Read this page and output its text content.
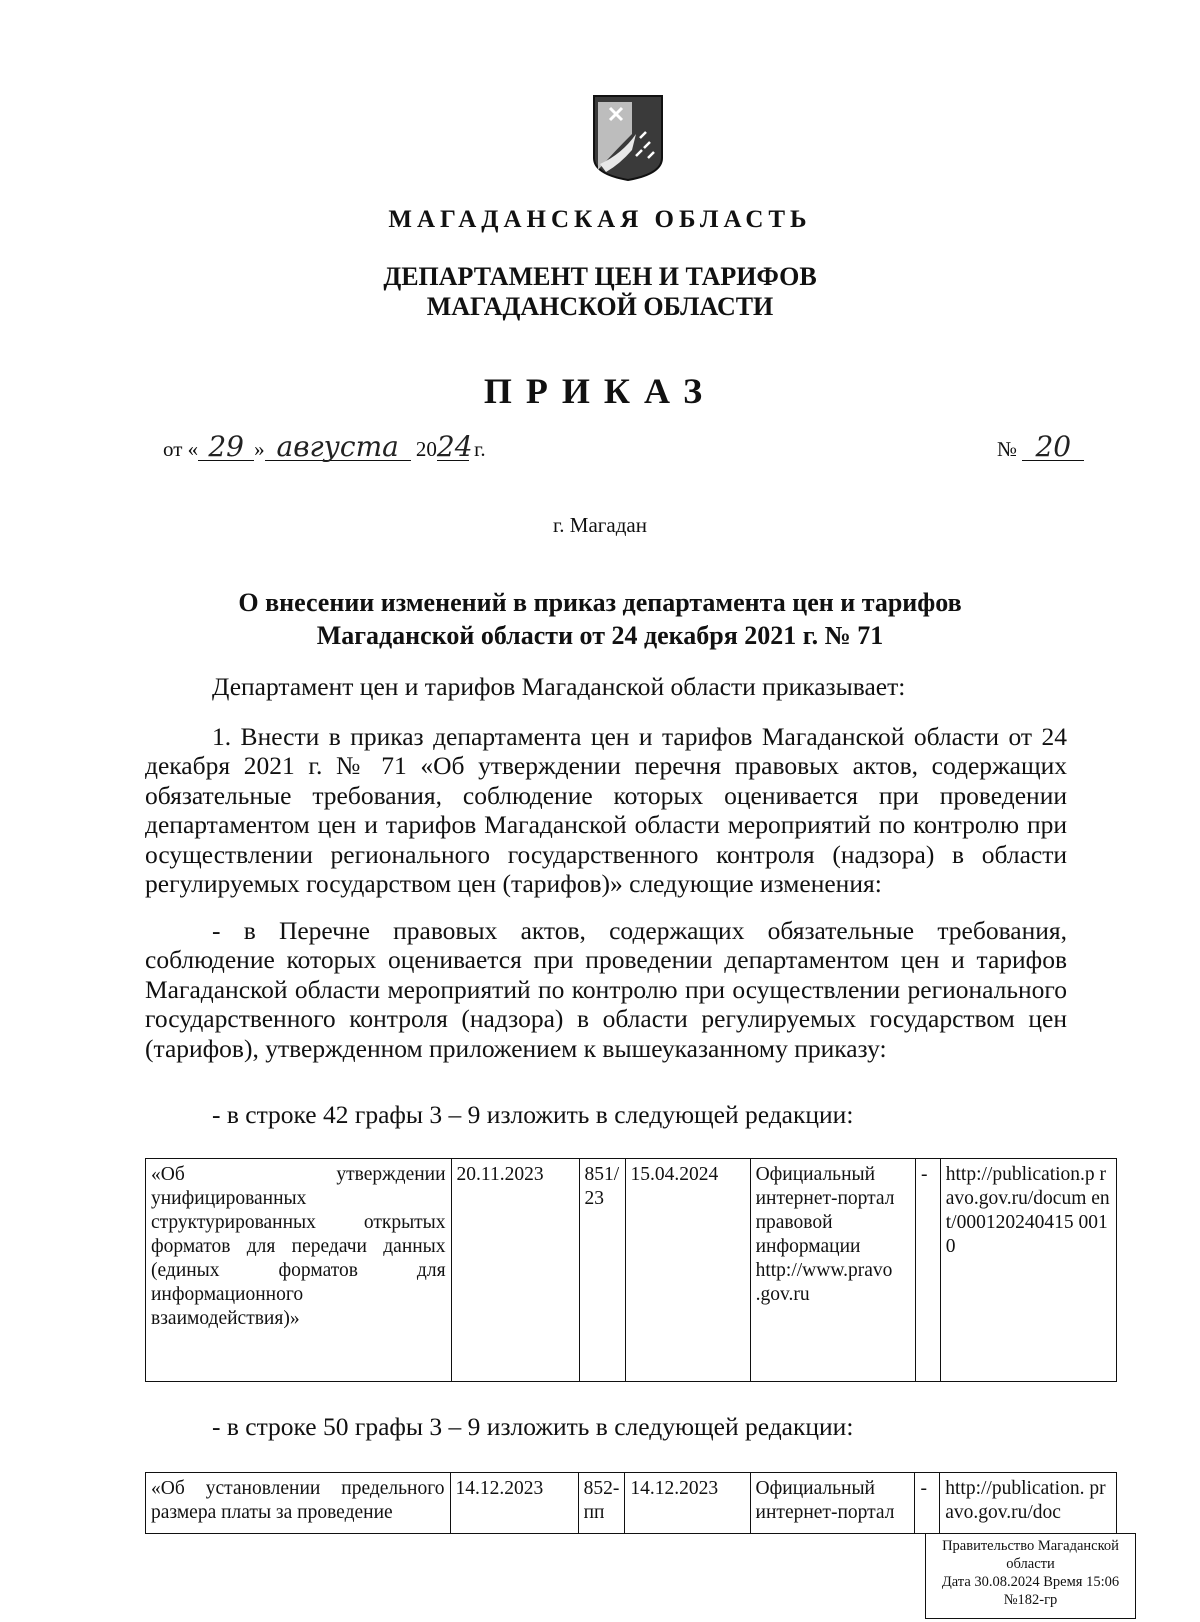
МАГАДАНСКАЯ ОБЛАСТЬ
ДЕПАРТАМЕНТ ЦЕН И ТАРИФОВ
МАГАДАНСКОЙ ОБЛАСТИ
ПРИКАЗ
от « 29 » августа 2024 г.	№ 20
г. Магадан
О внесении изменений в приказ департамента цен и тарифов
Магаданской области от 24 декабря 2021 г. № 71
Департамент цен и тарифов Магаданской области приказывает:
1. Внести в приказ департамента цен и тарифов Магаданской области от 24 декабря 2021 г. № 71 «Об утверждении перечня правовых актов, содержащих обязательные требования, соблюдение которых оценивается при проведении департаментом цен и тарифов Магаданской области мероприятий по контролю при осуществлении регионального государственного контроля (надзора) в области регулируемых государством цен (тарифов)» следующие изменения:
- в Перечне правовых актов, содержащих обязательные требования, соблюдение которых оценивается при проведении департаментом цен и тарифов Магаданской области мероприятий по контролю при осуществлении регионального государственного контроля (надзора) в области регулируемых государством цен (тарифов), утвержденном приложением к вышеуказанному приказу:
- в строке 42 графы 3 – 9 изложить в следующей редакции:
«Об утверждении унифицированных структурированных открытых форматов для передачи данных (единых форматов для информационного взаимодействия)»	20.11.2023	851/ 23	15.04.2024	Официальный интернет-портал правовой информации http://www.pravo .gov.ru	-	http://publication.p ravo.gov.ru/docum ent/000120240415 0010
- в строке 50 графы 3 – 9 изложить в следующей редакции:
«Об установлении предельного размера платы за проведение	14.12.2023	852- пп	14.12.2023	Официальный интернет-портал	-	http://publication. pravo.gov.ru/doc
Правительство Магаданской
области
Дата 30.08.2024 Время 15:06
№182-гр
